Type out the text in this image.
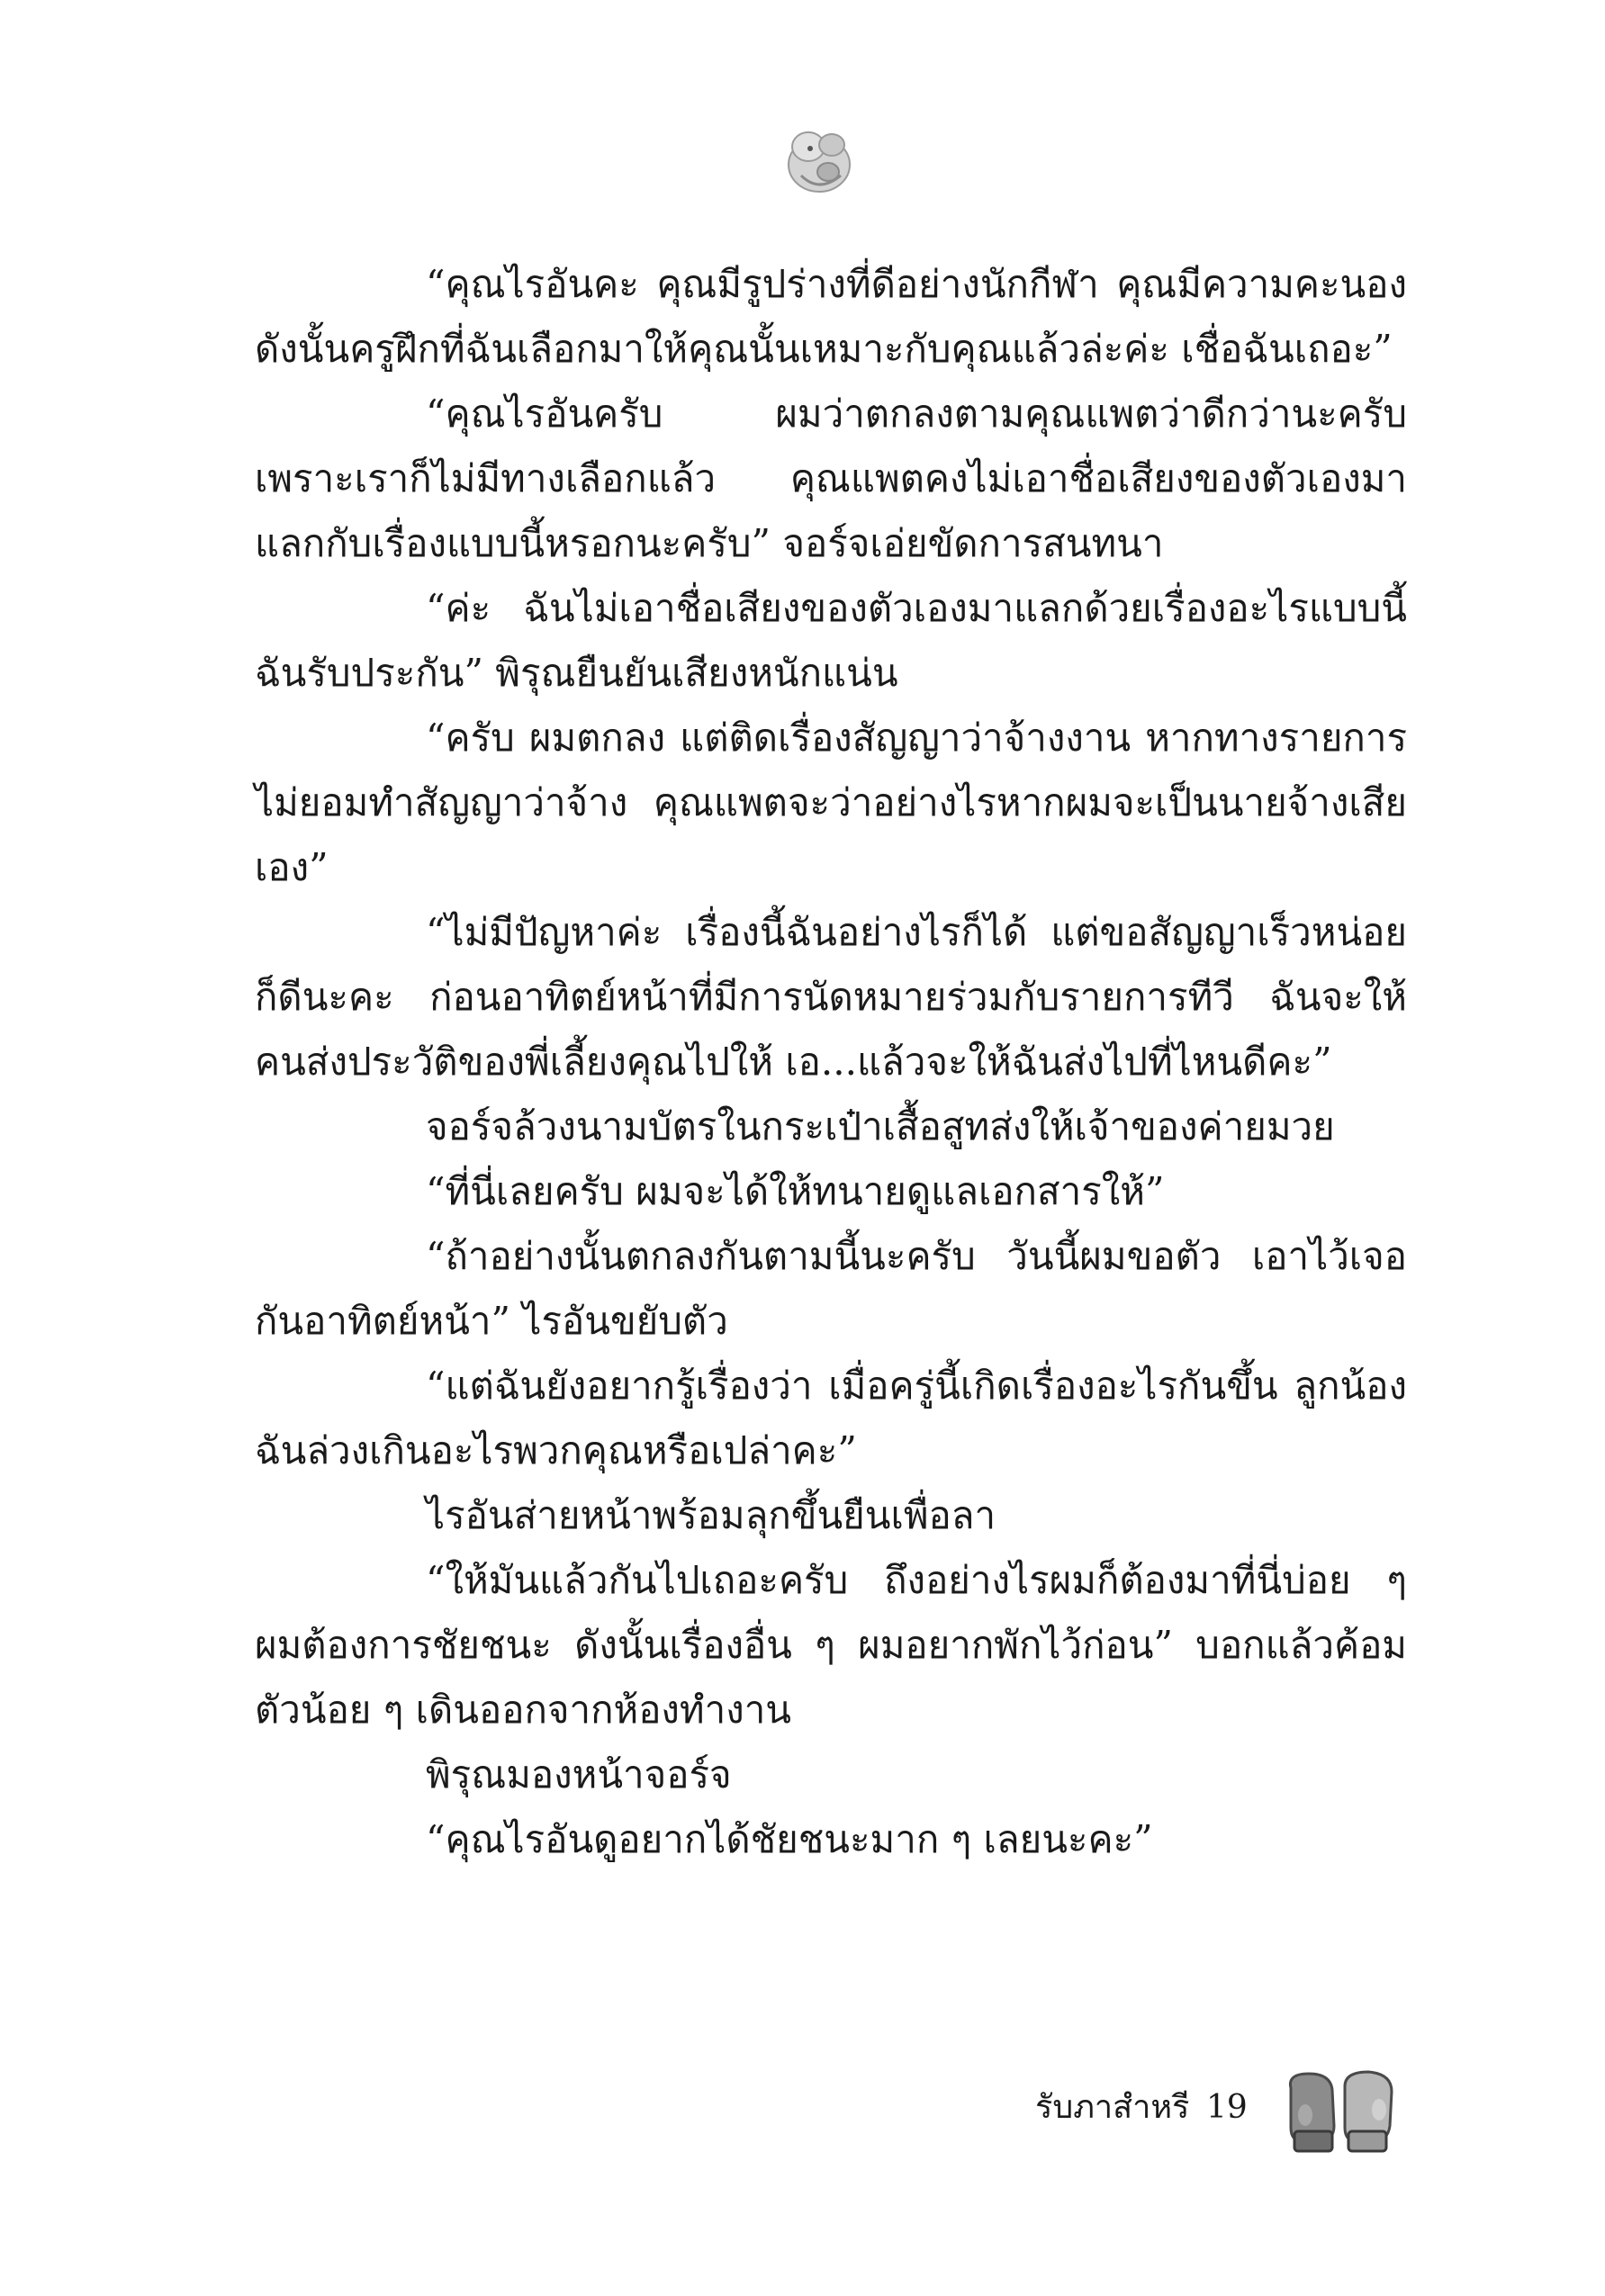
“คุณไรอันคะ คุณมีรูปร่างที่ดีอย่างนักกีฬา คุณมีความคะนอง ดังนั้นครูฝึกที่ฉันเลือกมาให้คุณนั้นเหมาะกับคุณแล้วล่ะค่ะ เชื่อฉันเถอะ”

“คุณไรอันครับ ผมว่าตกลงตามคุณแพตว่าดีกว่านะครับ เพราะเราก็ไม่มีทางเลือกแล้ว คุณแพตคงไม่เอาชื่อเสียงของตัวเองมาแลกกับเรื่องแบบนี้หรอกนะครับ” จอร์จเอ่ยขัดการสนทนา

“ค่ะ ฉันไม่เอาชื่อเสียงของตัวเองมาแลกด้วยเรื่องอะไรแบบนี้ ฉันรับประกัน” พิรุณยืนยันเสียงหนักแน่น

“ครับ ผมตกลง แต่ติดเรื่องสัญญาว่าจ้างงาน หากทางรายการไม่ยอมทำสัญญาว่าจ้าง คุณแพตจะว่าอย่างไรหากผมจะเป็นนายจ้างเสียเอง”

“ไม่มีปัญหาค่ะ เรื่องนี้ฉันอย่างไรก็ได้ แต่ขอสัญญาเร็วหน่อยก็ดีนะคะ ก่อนอาทิตย์หน้าที่มีการนัดหมายร่วมกับรายการทีวี ฉันจะให้คนส่งประวัติของพี่เลี้ยงคุณไปให้ เอ...แล้วจะให้ฉันส่งไปที่ไหนดีคะ”

จอร์จล้วงนามบัตรในกระเป๋าเสื้อสูทส่งให้เจ้าของค่ายมวย

“ที่นี่เลยครับ ผมจะได้ให้ทนายดูแลเอกสารให้”

“ถ้าอย่างนั้นตกลงกันตามนี้นะครับ วันนี้ผมขอตัว เอาไว้เจอกันอาทิตย์หน้า” ไรอันขยับตัว

“แต่ฉันยังอยากรู้เรื่องว่า เมื่อครู่นี้เกิดเรื่องอะไรกันขึ้น ลูกน้องฉันล่วงเกินอะไรพวกคุณหรือเปล่าคะ”

ไรอันส่ายหน้าพร้อมลุกขึ้นยืนเพื่อลา

“ให้มันแล้วกันไปเถอะครับ ถึงอย่างไรผมก็ต้องมาที่นี่บ่อย ๆ ผมต้องการชัยชนะ ดังนั้นเรื่องอื่น ๆ ผมอยากพักไว้ก่อน” บอกแล้วค้อมตัวน้อย ๆ เดินออกจากห้องทำงาน

พิรุณมองหน้าจอร์จ

“คุณไรอันดูอยากได้ชัยชนะมาก ๆ เลยนะคะ”

รับภาสำหรี 19
